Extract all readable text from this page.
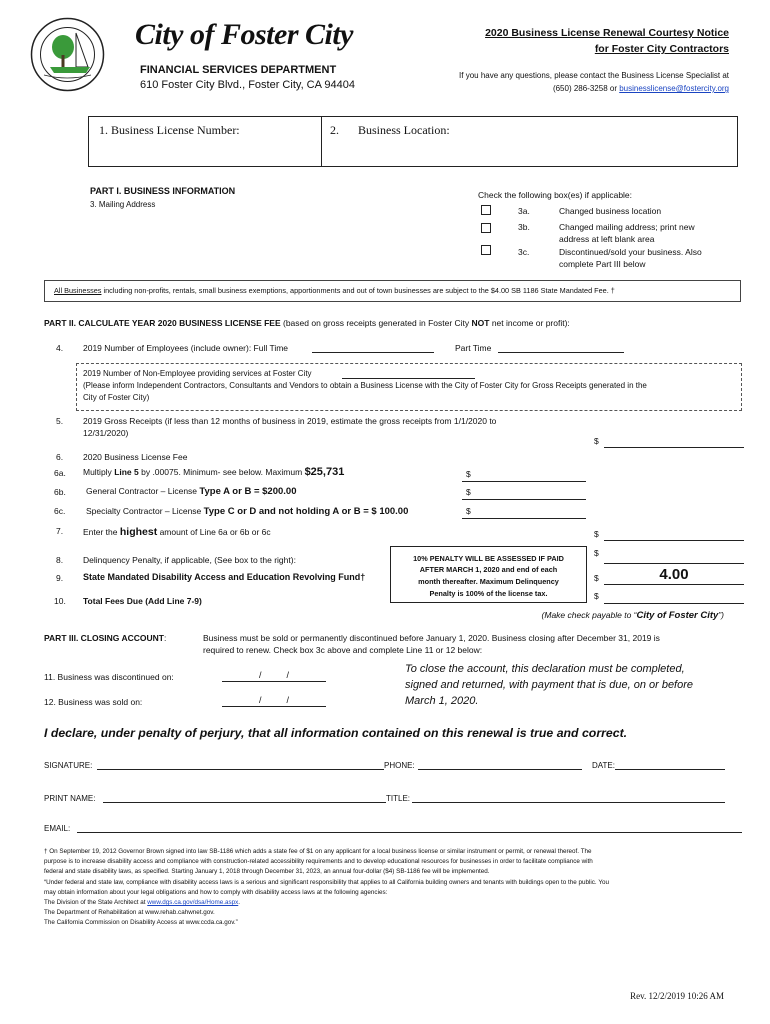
City of Foster City
FINANCIAL SERVICES DEPARTMENT
610 Foster City Blvd., Foster City, CA 94404
2020 Business License Renewal Courtesy Notice
for Foster City Contractors
If you have any questions, please contact the Business License Specialist at
(650) 286-3258 or businesslicense@fostercity.org
1. Business License Number:	2. Business Location:
PART I. BUSINESS INFORMATION
3. Mailing Address
Check the following box(es) if applicable:
3a.	Changed business location
3b.	Changed mailing address; print new
address at left blank area
3c.	Discontinued/sold your business. Also
complete Part III below
All Businesses including non-profits, rentals, small business exemptions, apportionments and out of town businesses are subject to the $4.00 SB 1186 State Mandated Fee. †
PART II. CALCULATE YEAR 2020 BUSINESS LICENSE FEE (based on gross receipts generated in Foster City NOT net income or profit):
4. 2019 Number of Employees (include owner): Full Time	Part Time
2019 Number of Non-Employee providing services at Foster City
(Please inform Independent Contractors, Consultants and Vendors to obtain a Business License with the City of Foster City for Gross Receipts generated in the
City of Foster City)
5. 2019 Gross Receipts (if less than 12 months of business in 2019, estimate the gross receipts from 1/1/2020 to
12/31/2020)
$
6. 2020 Business License Fee
6a. Multiply Line 5 by .00075. Minimum- see below. Maximum $25,731	$
6b. General Contractor – License Type A or B = $200.00	$
6c. Specialty Contractor – License Type C or D and not holding A or B = $ 100.00	$
7. Enter the highest amount of Line 6a or 6b or 6c	$
10% PENALTY WILL BE ASSESSED IF PAID
AFTER MARCH 1, 2020 and end of each
month thereafter. Maximum Delinquency
Penalty is 100% of the license tax.
8. Delinquency Penalty, if applicable, (See box to the right):
$
9. State Mandated Disability Access and Education Revolving Fund†	$	4.00
10. Total Fees Due (Add Line 7-9)	$
(Make check payable to “City of Foster City”)
PART III. CLOSING ACCOUNT:	Business must be sold or permanently discontinued before January 1, 2020. Business closing after December 31, 2019 is
required to renew. Check box 3c above and complete Line 11 or 12 below:
11. Business was discontinued on:	/          /
12. Business was sold on:	/          /
To close the account, this declaration must be completed,
signed and returned, with payment that is due, on or before
March 1, 2020.
I declare, under penalty of perjury, that all information contained on this renewal is true and correct.
SIGNATURE:	PHONE:	DATE:
PRINT NAME:	TITLE:
EMAIL:
† On September 19, 2012 Governor Brown signed into law SB-1186 which adds a state fee of $1 on any applicant for a local business license or similar instrument or permit, or renewal thereof. The
purpose is to increase disability access and compliance with construction-related accessibility requirements and to develop educational resources for businesses in order to facilitate compliance with
federal and state disability laws, as specified. Starting January 1, 2018 through December 31, 2023, an annual four-dollar ($4) SB-1186 fee will be implemented.
“Under federal and state law, compliance with disability access laws is a serious and significant responsibility that applies to all California building owners and tenants with buildings open to the public. You
may obtain information about your legal obligations and how to comply with disability access laws at the following agencies:
The Division of the State Architect at www.dgs.ca.gov/dsa/Home.aspx.
The Department of Rehabilitation at www.rehab.cahwnet.gov.
The California Commission on Disability Access at www.ccda.ca.gov.”
Rev. 12/2/2019 10:26 AM
